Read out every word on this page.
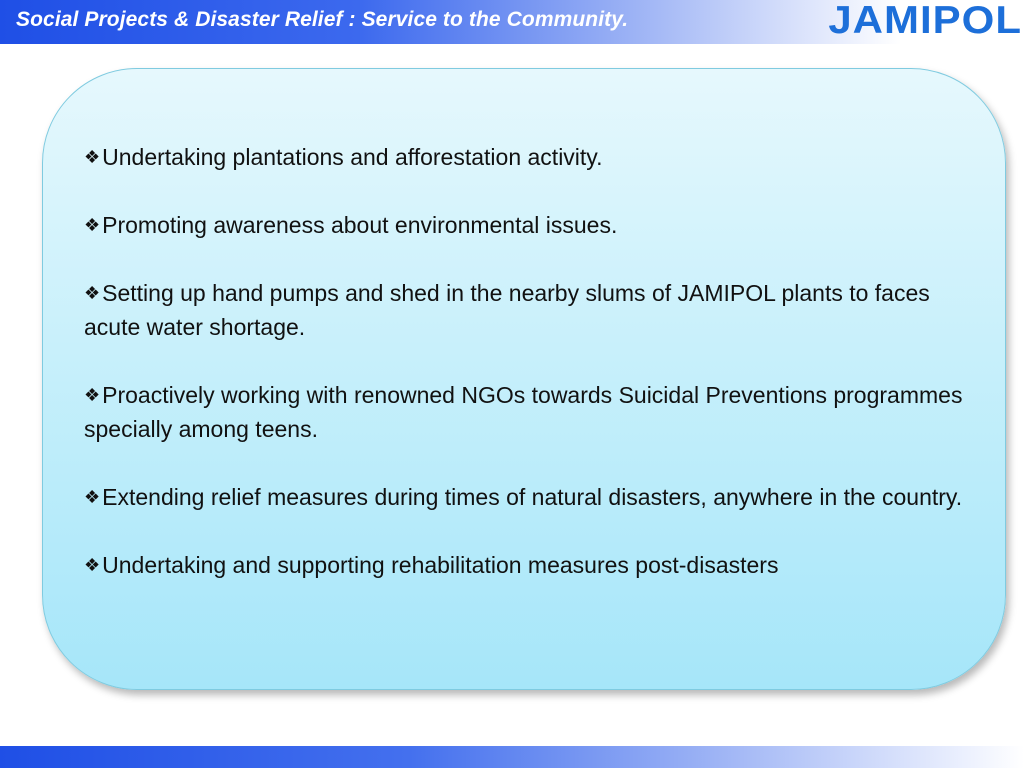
Social Projects & Disaster Relief : Service to the Community.	JAMIPOL
❖Undertaking plantations and afforestation activity.
❖Promoting awareness about environmental issues.
❖Setting up hand pumps and shed in the nearby slums of JAMIPOL plants to faces acute water shortage.
❖Proactively working with renowned NGOs towards Suicidal Preventions programmes specially among teens.
❖Extending relief measures during times of natural disasters, anywhere in the country.
❖Undertaking and supporting rehabilitation measures post-disasters
